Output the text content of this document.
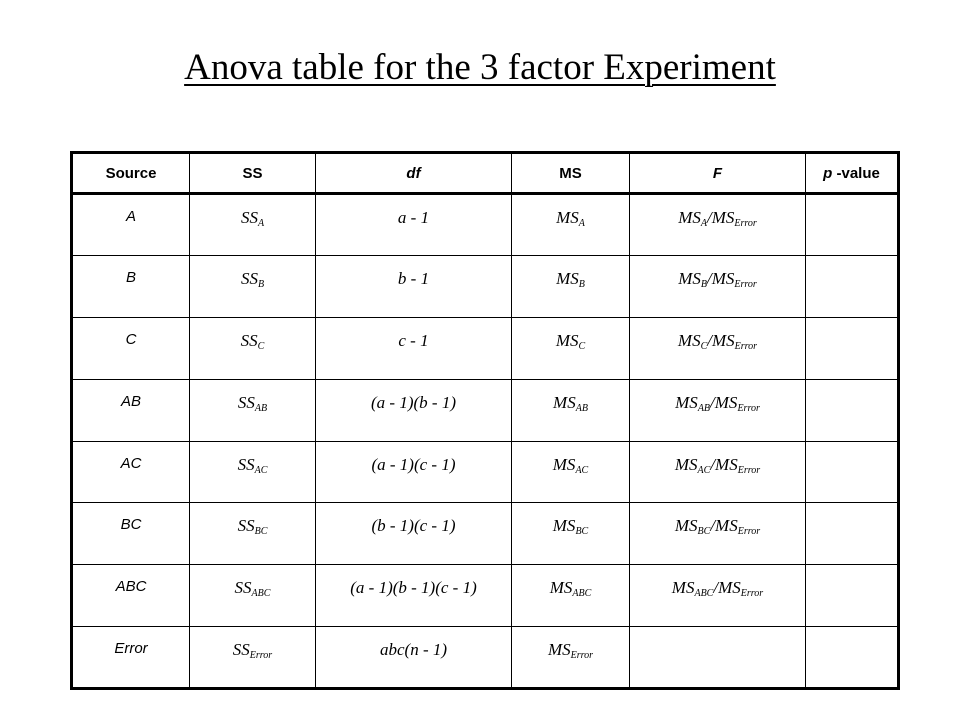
Anova table for the 3 factor Experiment
Source	SS	df	MS	F	p -value
A	$SS_A$	a - 1	$MS_A$	$MS_A/MS_{Error}$	
B	$SS_B$	b - 1	$MS_B$	$MS_B/MS_{Error}$	
C	$SS_C$	c - 1	$MS_C$	$MS_C/MS_{Error}$	
AB	$SS_{AB}$	(a - 1)(b - 1)	$MS_{AB}$	$MS_{AB}/MS_{Error}$	
AC	$SS_{AC}$	(a - 1)(c - 1)	$MS_{AC}$	$MS_{AC}/MS_{Error}$	
BC	$SS_{BC}$	(b - 1)(c - 1)	$MS_{BC}$	$MS_{BC}/MS_{Error}$	
ABC	$SS_{ABC}$	(a - 1)(b - 1)(c - 1)	$MS_{ABC}$	$MS_{ABC}/MS_{Error}$	
Error	$SS_{Error}$	abc(n - 1)	$MS_{Error}$		
